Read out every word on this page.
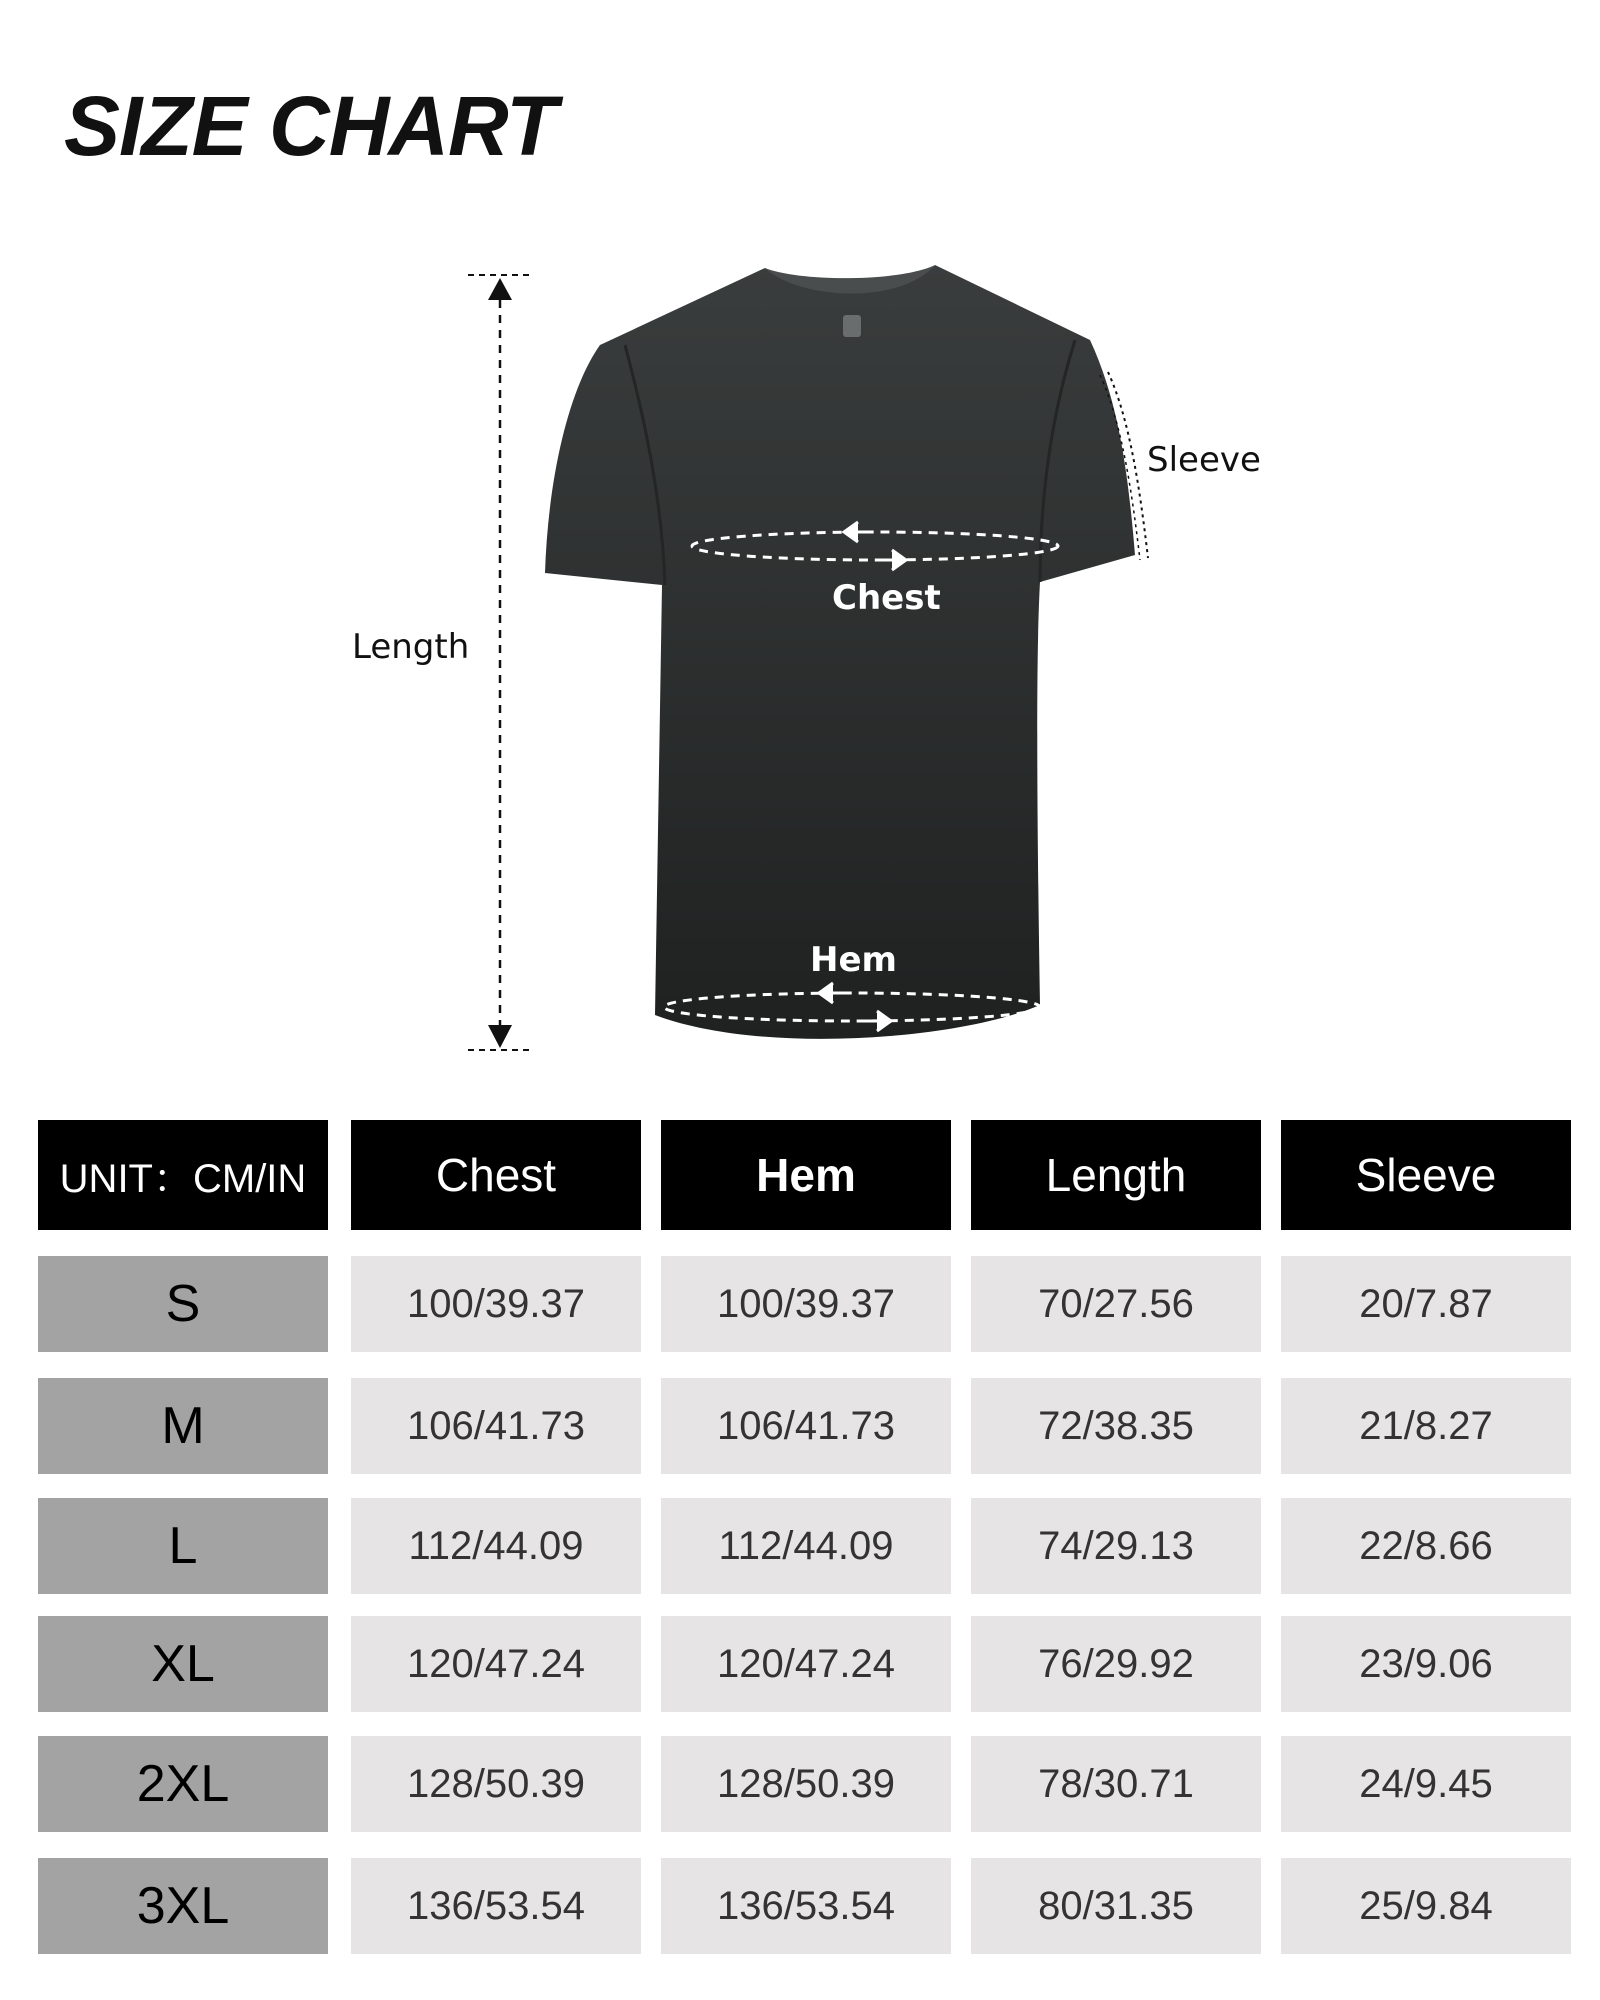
SIZE CHART
Length
Sleeve
Chest
Hem
UNIT：CM/IN	Chest	Hem	Length	Sleeve
S	100/39.37	100/39.37	70/27.56	20/7.87
M	106/41.73	106/41.73	72/38.35	21/8.27
L	112/44.09	112/44.09	74/29.13	22/8.66
XL	120/47.24	120/47.24	76/29.92	23/9.06
2XL	128/50.39	128/50.39	78/30.71	24/9.45
3XL	136/53.54	136/53.54	80/31.35	25/9.84
